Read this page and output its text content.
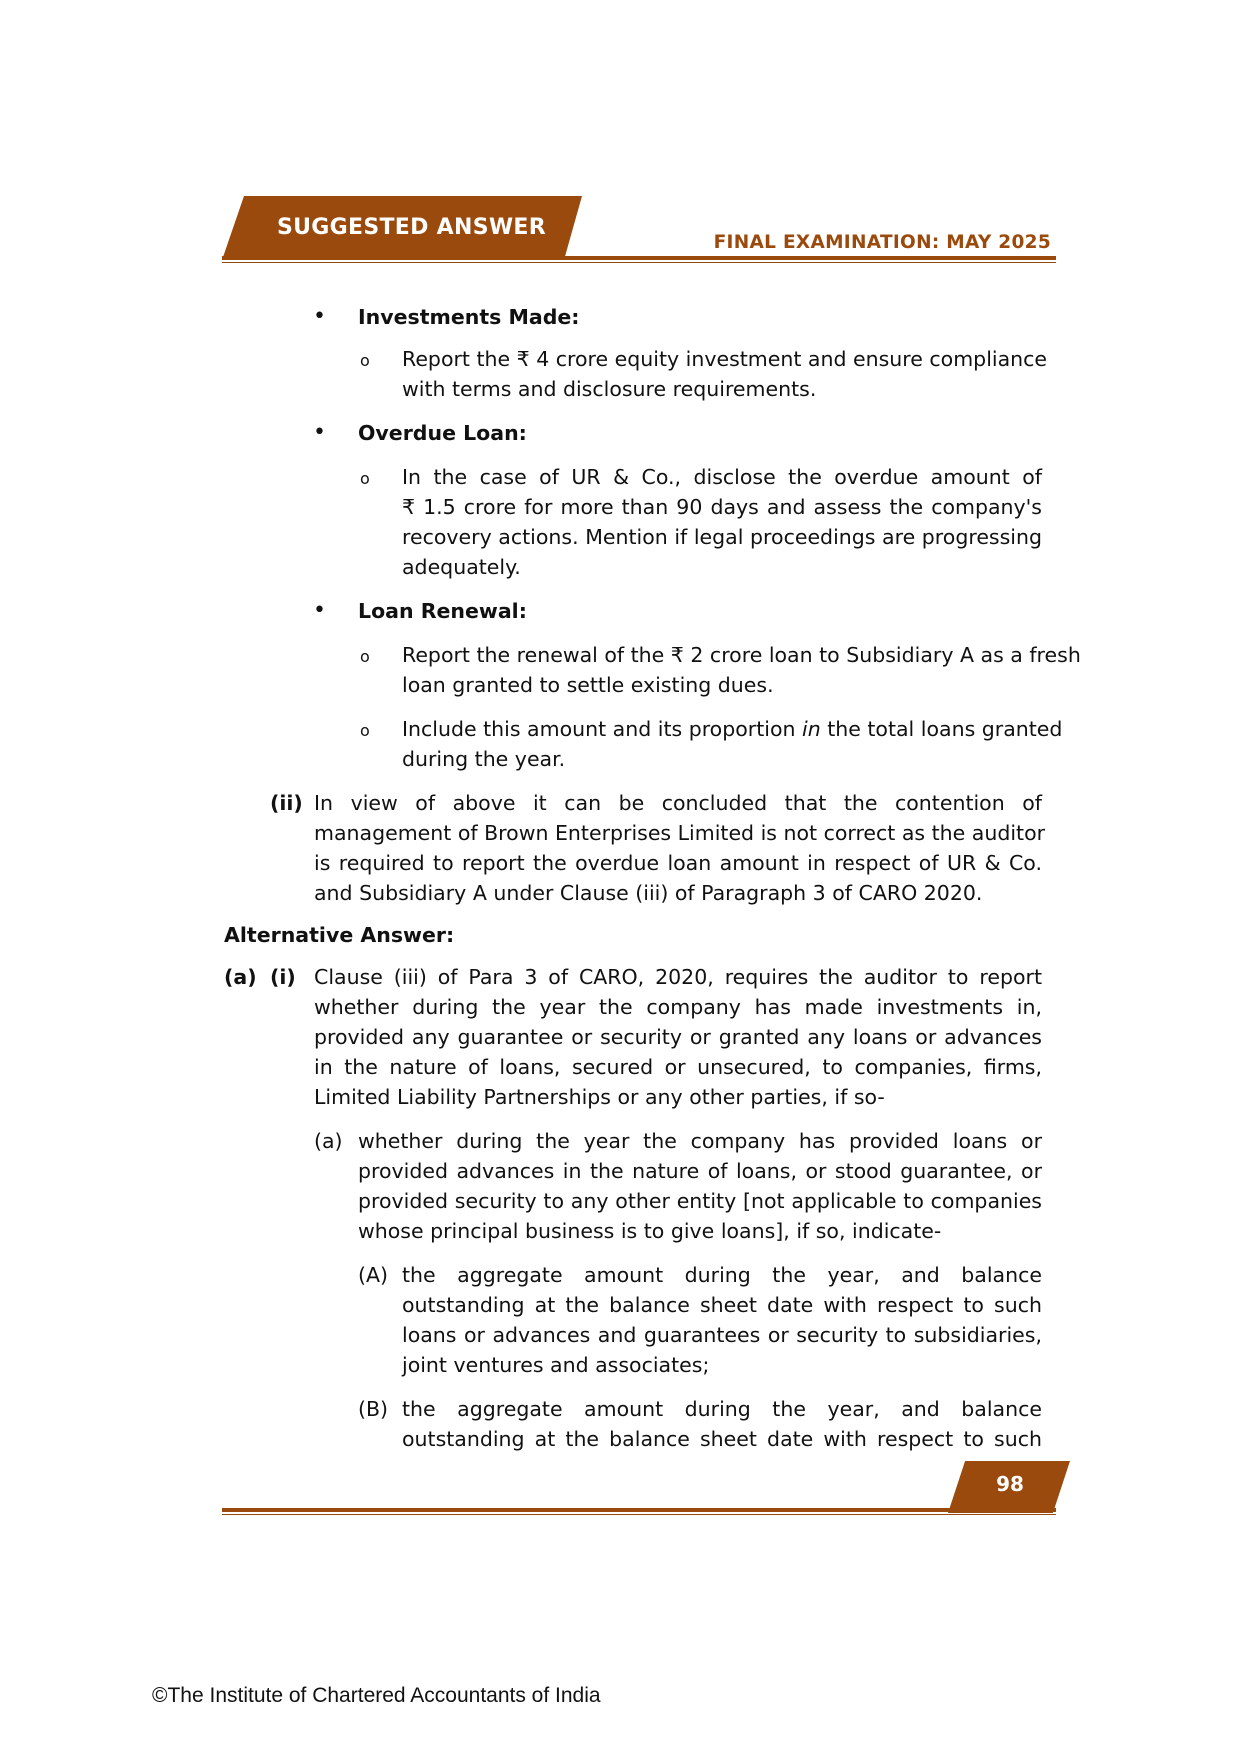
SUGGESTED ANSWER
FINAL EXAMINATION: MAY 2025
• Investments Made:
o Report the ₹ 4 crore equity investment and ensure compliance
with terms and disclosure requirements.
• Overdue Loan:
o In the case of UR & Co., disclose the overdue amount of
₹ 1.5 crore for more than 90 days and assess the company's
recovery actions. Mention if legal proceedings are progressing
adequately.
• Loan Renewal:
o Report the renewal of the ₹ 2 crore loan to Subsidiary A as a fresh
loan granted to settle existing dues.
o Include this amount and its proportion in the total loans granted
during the year.
(ii) In view of above it can be concluded that the contention of
management of Brown Enterprises Limited is not correct as the auditor
is required to report the overdue loan amount in respect of UR & Co.
and Subsidiary A under Clause (iii) of Paragraph 3 of CARO 2020.
Alternative Answer:
(a) (i) Clause (iii) of Para 3 of CARO, 2020, requires the auditor to report
whether during the year the company has made investments in,
provided any guarantee or security or granted any loans or advances
in the nature of loans, secured or unsecured, to companies, firms,
Limited Liability Partnerships or any other parties, if so-
(a) whether during the year the company has provided loans or
provided advances in the nature of loans, or stood guarantee, or
provided security to any other entity [not applicable to companies
whose principal business is to give loans], if so, indicate-
(A) the aggregate amount during the year, and balance
outstanding at the balance sheet date with respect to such
loans or advances and guarantees or security to subsidiaries,
joint ventures and associates;
(B) the aggregate amount during the year, and balance
outstanding at the balance sheet date with respect to such
98
©The Institute of Chartered Accountants of India
